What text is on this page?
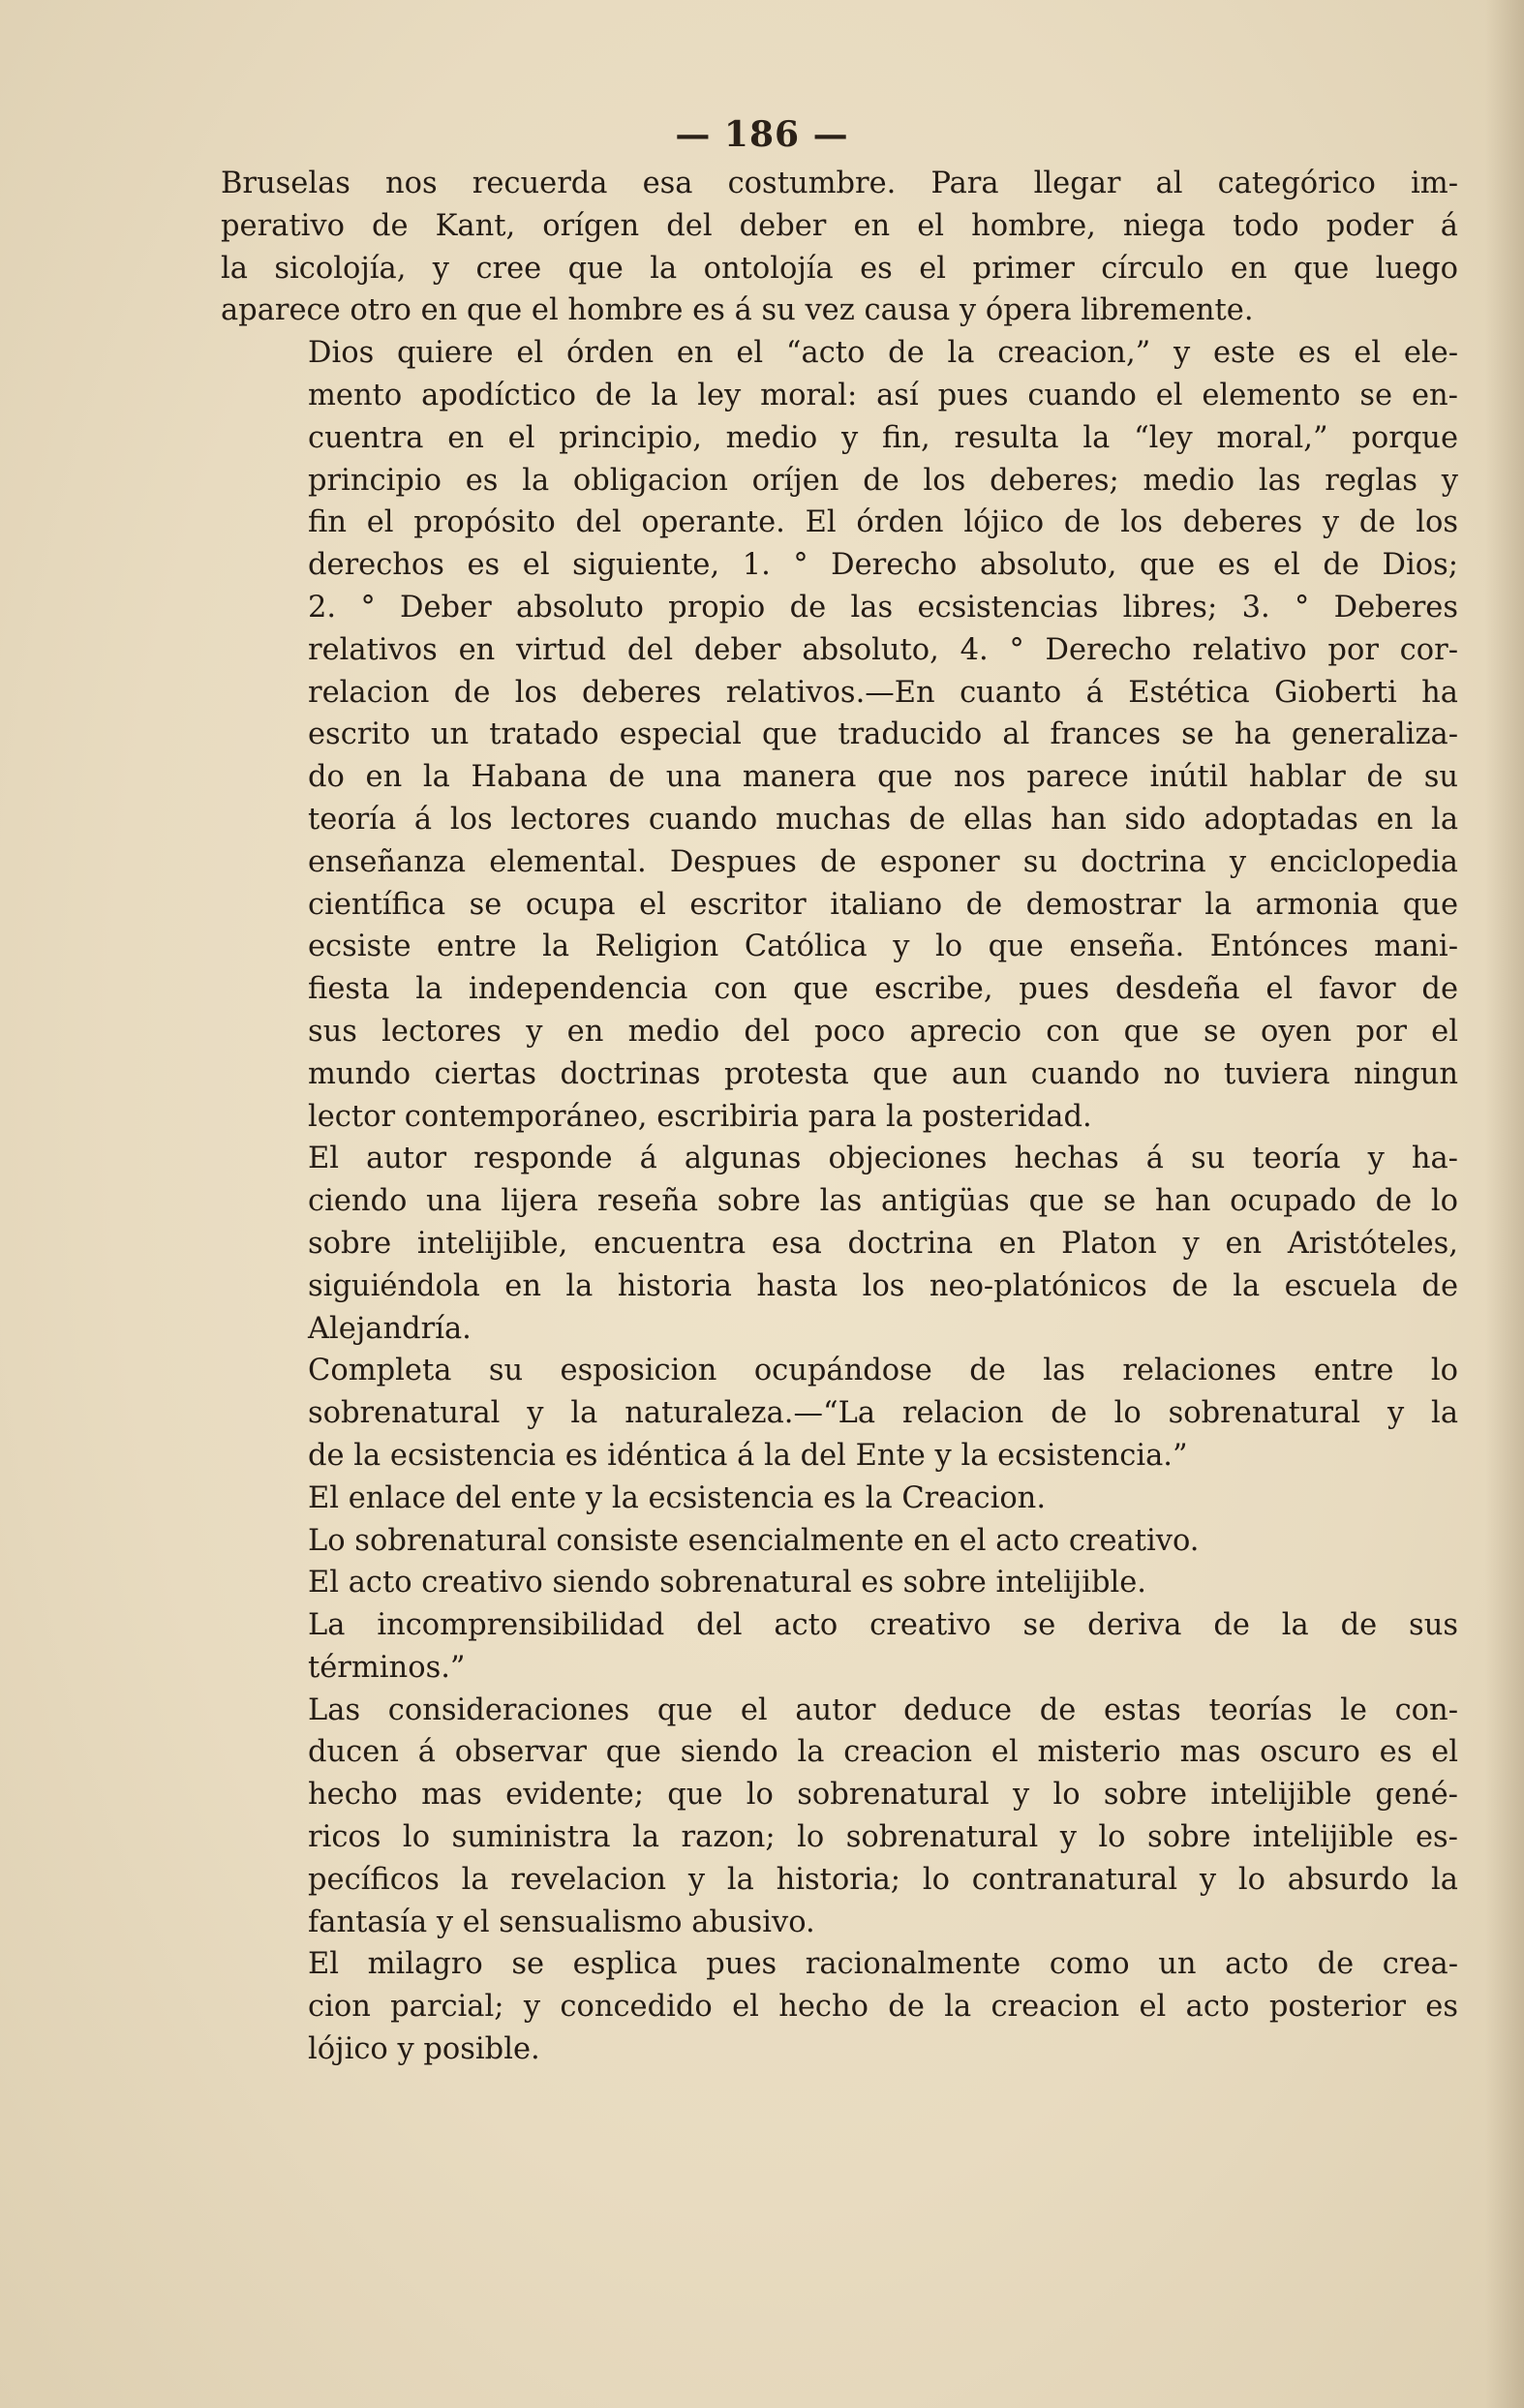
— 186 —
Bruselas nos recuerda esa costumbre. Para llegar al categórico im-
perativo de Kant, orígen del deber en el hombre, niega todo poder á
la sicolojía, y cree que la ontolojía es el primer círculo en que luego
aparece otro en que el hombre es á su vez causa y ópera libremente.
Dios quiere el órden en el “acto de la creacion,” y este es el ele-
mento apodíctico de la ley moral: así pues cuando el elemento se en-
cuentra en el principio, medio y fin, resulta la “ley moral,” porque
principio es la obligacion oríjen de los deberes; medio las reglas y
fin el propósito del operante. El órden lójico de los deberes y de los
derechos es el siguiente, 1. ° Derecho absoluto, que es el de Dios;
2. ° Deber absoluto propio de las ecsistencias libres; 3. ° Deberes
relativos en virtud del deber absoluto, 4. ° Derecho relativo por cor-
relacion de los deberes relativos.—En cuanto á Estética Gioberti ha
escrito un tratado especial que traducido al frances se ha generaliza-
do en la Habana de una manera que nos parece inútil hablar de su
teoría á los lectores cuando muchas de ellas han sido adoptadas en la
enseñanza elemental. Despues de esponer su doctrina y enciclopedia
científica se ocupa el escritor italiano de demostrar la armonia que
ecsiste entre la Religion Católica y lo que enseña. Entónces mani-
fiesta la independencia con que escribe, pues desdeña el favor de
sus lectores y en medio del poco aprecio con que se oyen por el
mundo ciertas doctrinas protesta que aun cuando no tuviera ningun
lector contemporáneo, escribiria para la posteridad.
El autor responde á algunas objeciones hechas á su teoría y ha-
ciendo una lijera reseña sobre las antigüas que se han ocupado de lo
sobre intelijible, encuentra esa doctrina en Platon y en Aristóteles,
siguiéndola en la historia hasta los neo-platónicos de la escuela de
Alejandría.
Completa su esposicion ocupándose de las relaciones entre lo
sobrenatural y la naturaleza.—“La relacion de lo sobrenatural y la
de la ecsistencia es idéntica á la del Ente y la ecsistencia.”
El enlace del ente y la ecsistencia es la Creacion.
Lo sobrenatural consiste esencialmente en el acto creativo.
El acto creativo siendo sobrenatural es sobre intelijible.
La incomprensibilidad del acto creativo se deriva de la de sus
términos.”
Las consideraciones que el autor deduce de estas teorías le con-
ducen á observar que siendo la creacion el misterio mas oscuro es el
hecho mas evidente; que lo sobrenatural y lo sobre intelijible gené-
ricos lo suministra la razon; lo sobrenatural y lo sobre intelijible es-
pecíficos la revelacion y la historia; lo contranatural y lo absurdo la
fantasía y el sensualismo abusivo.
El milagro se esplica pues racionalmente como un acto de crea-
cion parcial; y concedido el hecho de la creacion el acto posterior es
lójico y posible.
